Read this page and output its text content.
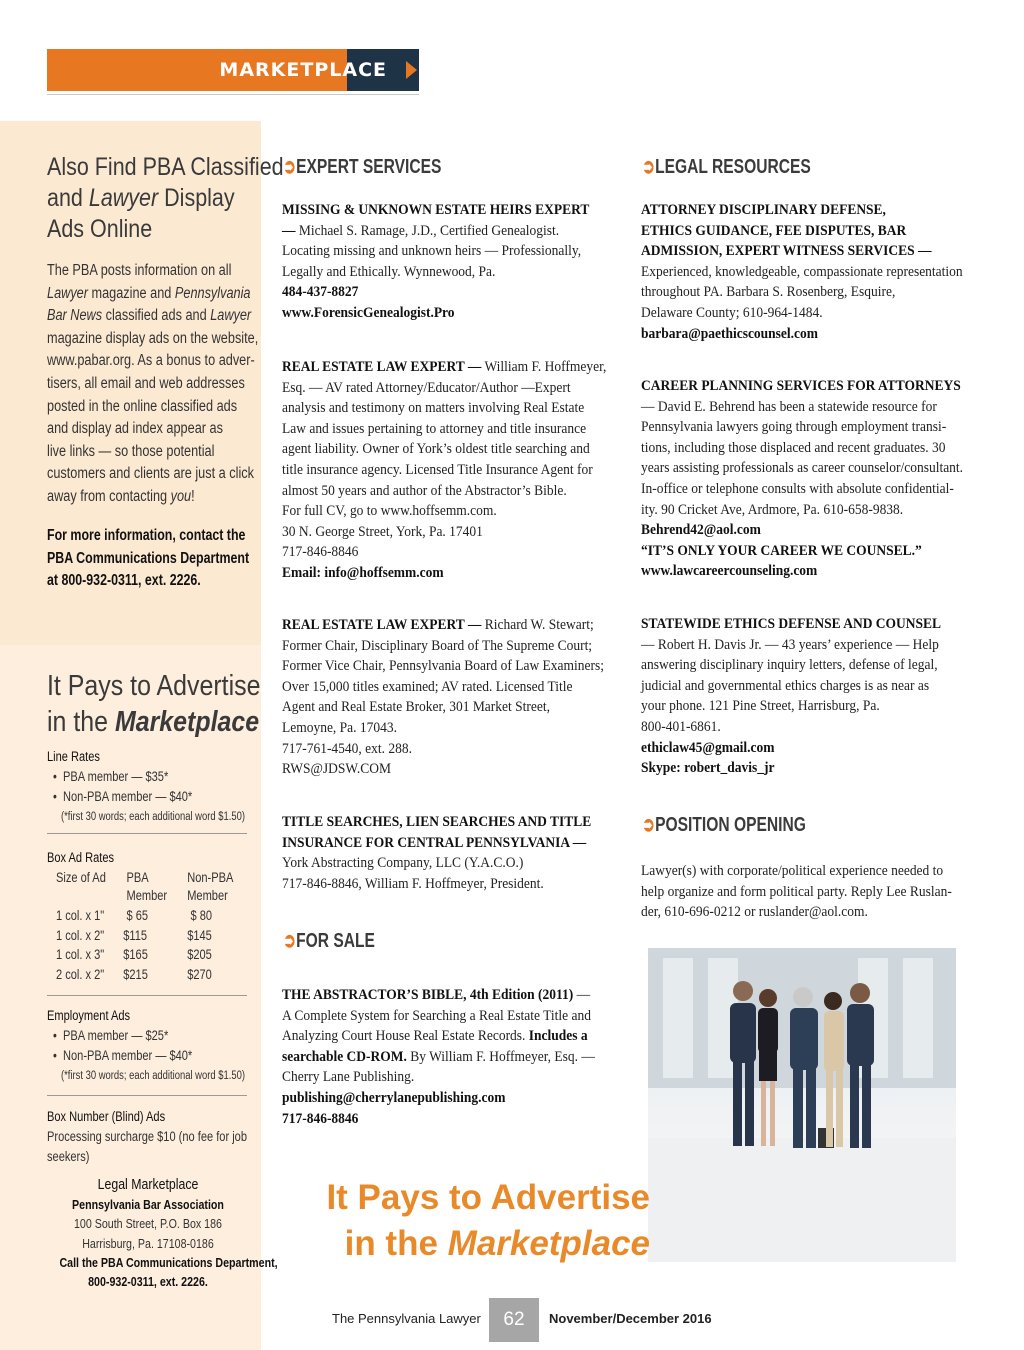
MARKETPLACE
Also Find PBA Classified
and Lawyer Display
Ads Online
The PBA posts information on all
Lawyer magazine and Pennsylvania
Bar News classified ads and Lawyer
magazine display ads on the website,
www.pabar.org. As a bonus to adver-
tisers, all email and web addresses
posted in the online classified ads
and display ad index appear as
live links — so those potential
customers and clients are just a click
away from contacting you!
For more information, contact the
PBA Communications Department
at 800-932-0311, ext. 2226.
It Pays to Advertise
in the Marketplace
Line Rates
•  PBA member — $35*
•  Non-PBA member — $40*
(*first 30 words; each additional word $1.50)
Box Ad Rates
Size of Ad PBA	Non-PBA
Member Member
1 col. x 1" $ 65	$ 80
1 col. x 2" $115	$145
1 col. x 3" $165	$205
2 col. x 2" $215	$270
Employment Ads
•  PBA member — $25*
•  Non-PBA member — $40*
(*first 30 words; each additional word $1.50)
Box Number (Blind) Ads
Processing surcharge $10 (no fee for job
seekers)
Legal Marketplace
Pennsylvania Bar Association
100 South Street, P.O. Box 186
Harrisburg, Pa. 17108-0186
Call the PBA Communications Department,
800-932-0311, ext. 2226.
➲EXPERT SERVICES
➲FOR SALE
➲LEGAL RESOURCES
➲POSITION OPENING
MISSING & UNKNOWN ESTATE HEIRS EXPERT
— Michael S. Ramage, J.D., Certified Genealogist.
Locating missing and unknown heirs — Professionally,
Legally and Ethically. Wynnewood, Pa.
484-437-8827
www.ForensicGenealogist.Pro
REAL ESTATE LAW EXPERT — William F. Hoffmeyer,
Esq. — AV rated Attorney/Educator/Author —Expert
analysis and testimony on matters involving Real Estate
Law and issues pertaining to attorney and title insurance
agent liability. Owner of York’s oldest title searching and
title insurance agency. Licensed Title Insurance Agent for
almost 50 years and author of the Abstractor’s Bible.
For full CV, go to www.hoffsemm.com.
30 N. George Street, York, Pa. 17401
717-846-8846
Email: info@hoffsemm.com
REAL ESTATE LAW EXPERT — Richard W. Stewart;
Former Chair, Disciplinary Board of The Supreme Court;
Former Vice Chair, Pennsylvania Board of Law Examiners;
Over 15,000 titles examined; AV rated. Licensed Title
Agent and Real Estate Broker, 301 Market Street,
Lemoyne, Pa. 17043.
717-761-4540, ext. 288.
RWS@JDSW.COM
TITLE SEARCHES, LIEN SEARCHES AND TITLE
INSURANCE FOR CENTRAL PENNSYLVANIA —
York Abstracting Company, LLC (Y.A.C.O.)
717-846-8846, William F. Hoffmeyer, President.
THE ABSTRACTOR’S BIBLE, 4th Edition (2011) —
A Complete System for Searching a Real Estate Title and
Analyzing Court House Real Estate Records. Includes a
searchable CD-ROM. By William F. Hoffmeyer, Esq. —
Cherry Lane Publishing.
publishing@cherrylanepublishing.com
717-846-8846
ATTORNEY DISCIPLINARY DEFENSE,
ETHICS GUIDANCE, FEE DISPUTES, BAR
ADMISSION, EXPERT WITNESS SERVICES —
Experienced, knowledgeable, compassionate representation
throughout PA. Barbara S. Rosenberg, Esquire,
Delaware County; 610-964-1484.
barbara@paethicscounsel.com
CAREER PLANNING SERVICES FOR ATTORNEYS
— David E. Behrend has been a statewide resource for
Pennsylvania lawyers going through employment transi-
tions, including those displaced and recent graduates. 30
years assisting professionals as career counselor/consultant.
In-office or telephone consults with absolute confidential-
ity. 90 Cricket Ave, Ardmore, Pa. 610-658-9838.
Behrend42@aol.com
“IT’S ONLY YOUR CAREER WE COUNSEL.”
www.lawcareercounseling.com
STATEWIDE ETHICS DEFENSE AND COUNSEL
— Robert H. Davis Jr. — 43 years’ experience — Help
answering disciplinary inquiry letters, defense of legal,
judicial and governmental ethics charges is as near as
your phone. 121 Pine Street, Harrisburg, Pa.
800-401-6861.
ethiclaw45@gmail.com
Skype: robert_davis_jr
Lawyer(s) with corporate/political experience needed to
help organize and form political party. Reply Lee Ruslan-
der, 610-696-0212 or ruslander@aol.com.
It Pays to Advertise
in the Marketplace
The Pennsylvania Lawyer	62	November/December 2016
